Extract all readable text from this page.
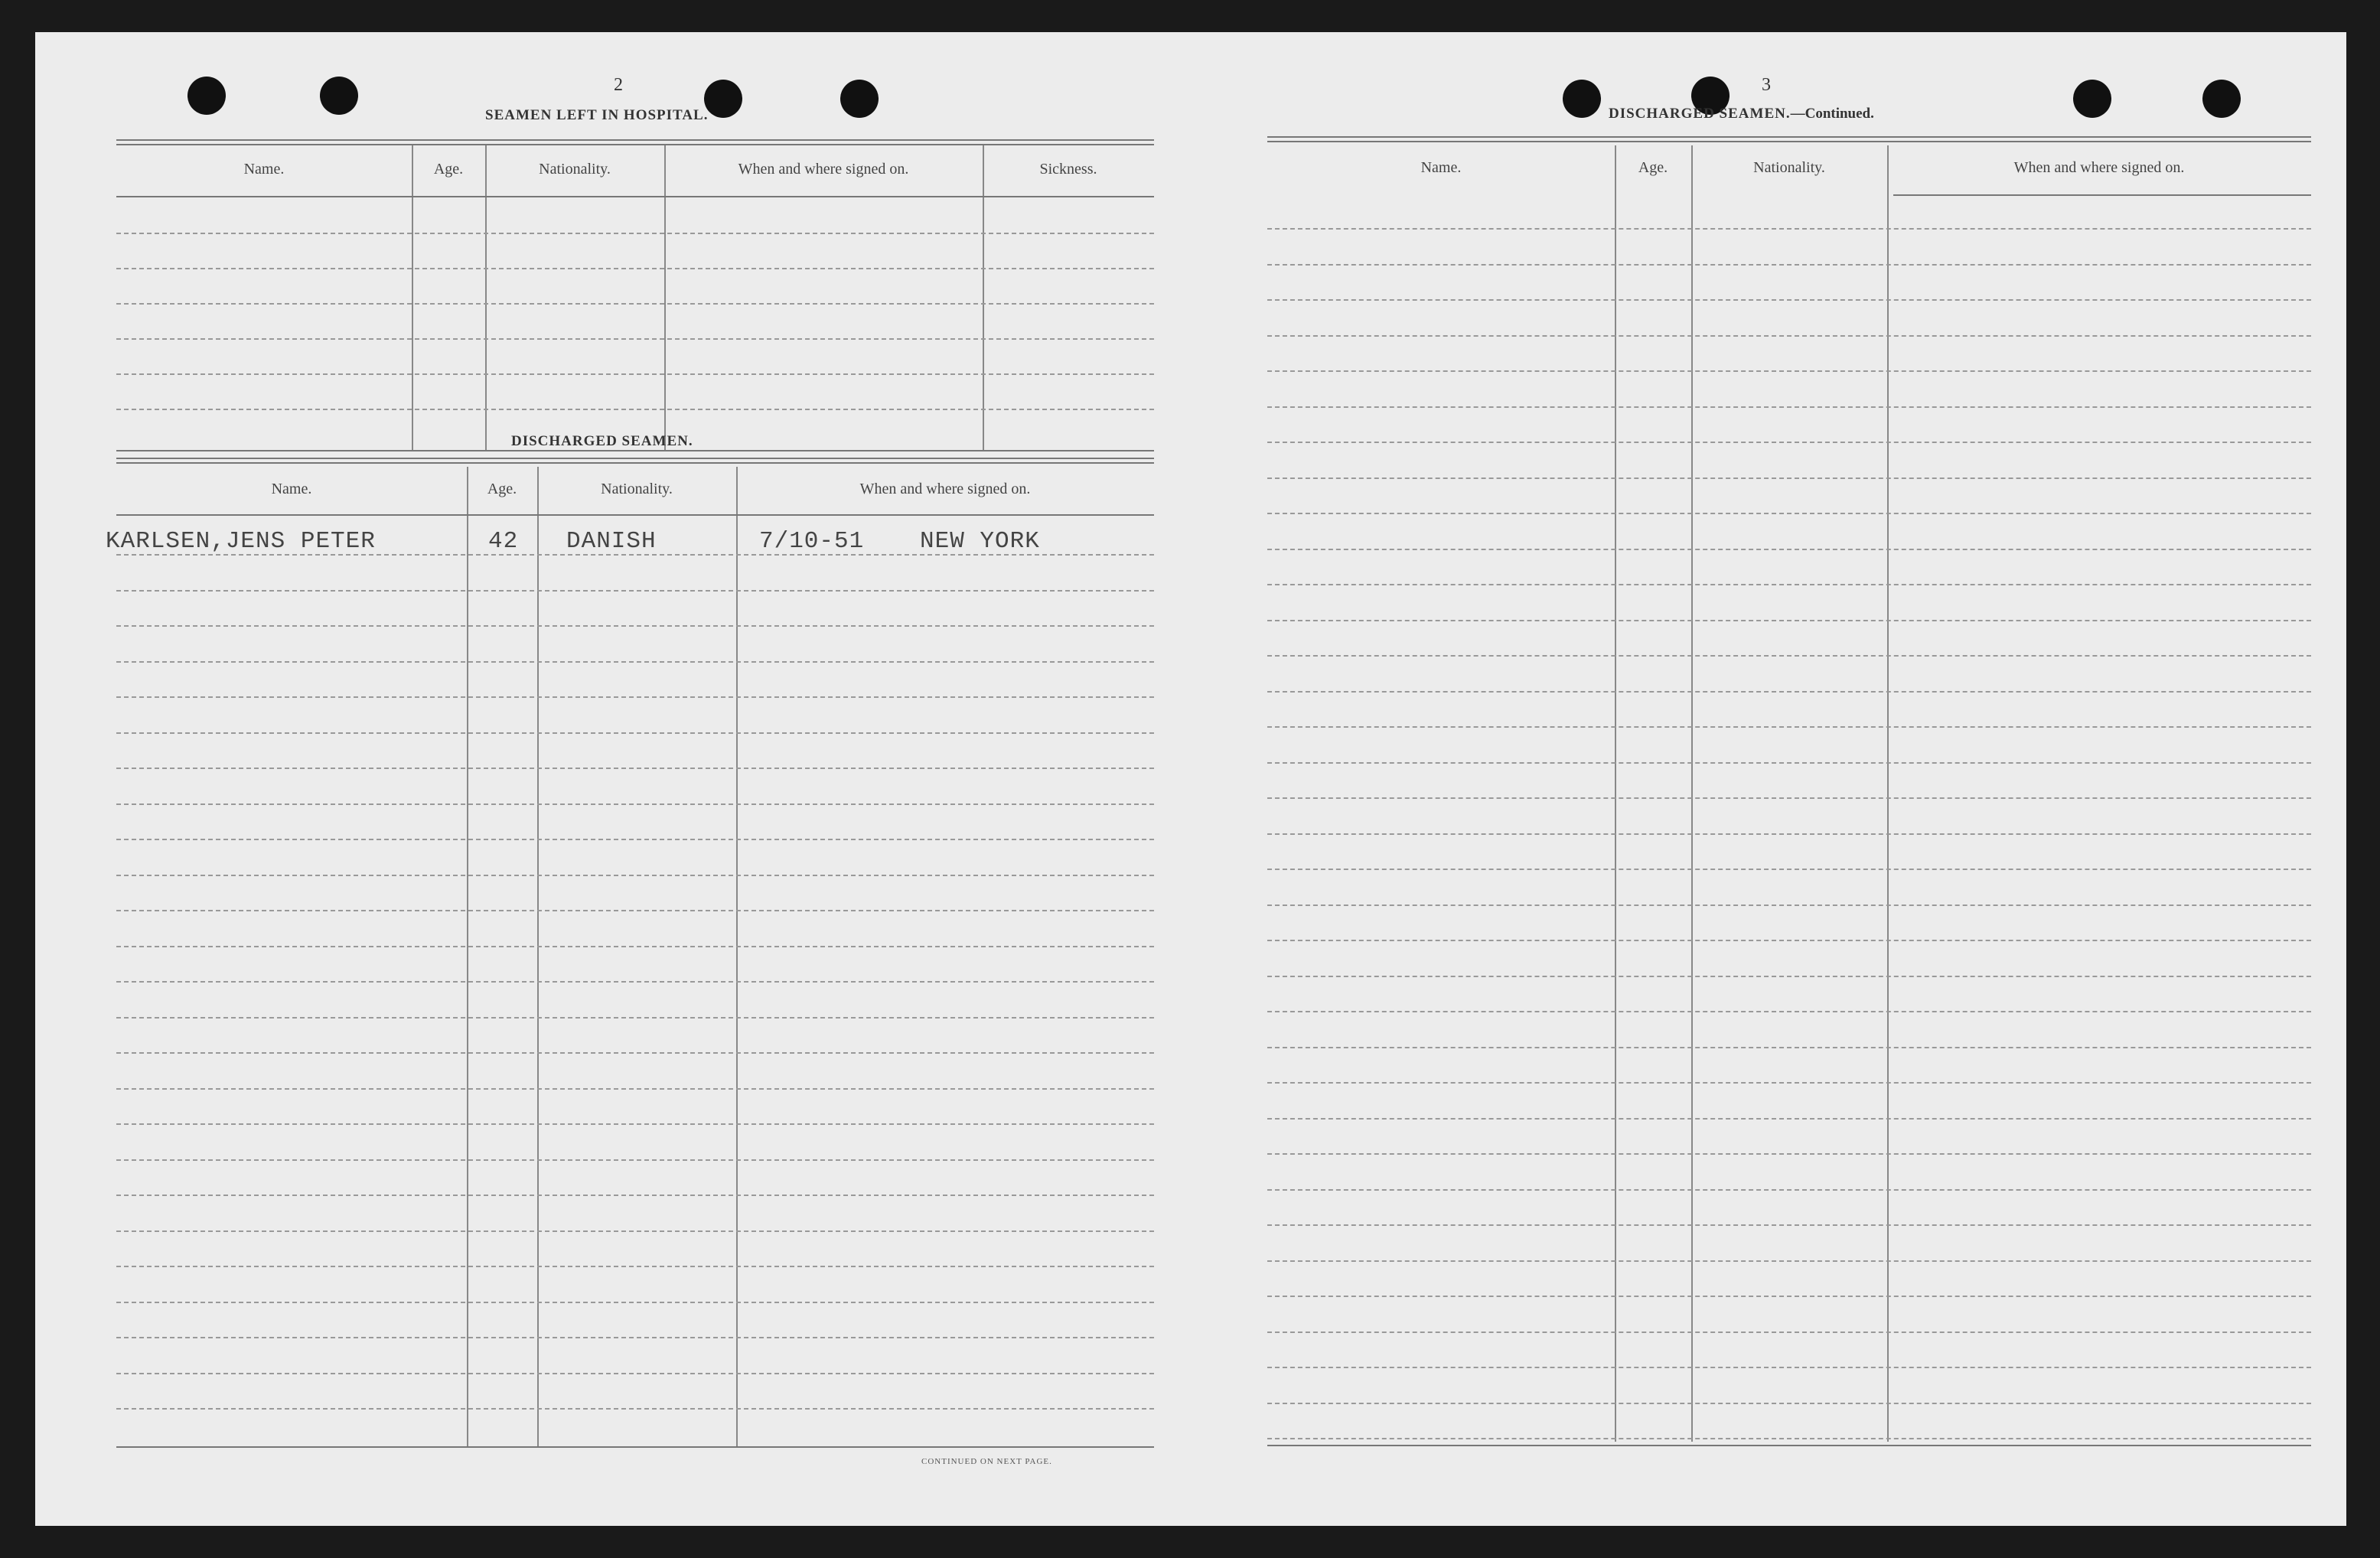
2
SEAMEN LEFT IN HOSPITAL.
Name.	Age.	Nationality.	When and where signed on.	Sickness.
DISCHARGED SEAMEN.
Name.	Age.	Nationality.	When and where signed on.
KARLSEN,JENS PETER	42 DANISH	7/10-51 NEW YORK
CONTINUED ON NEXT PAGE.
3
DISCHARGED SEAMEN.—Continued.
Name.	Age.	Nationality.	When and where signed on.
